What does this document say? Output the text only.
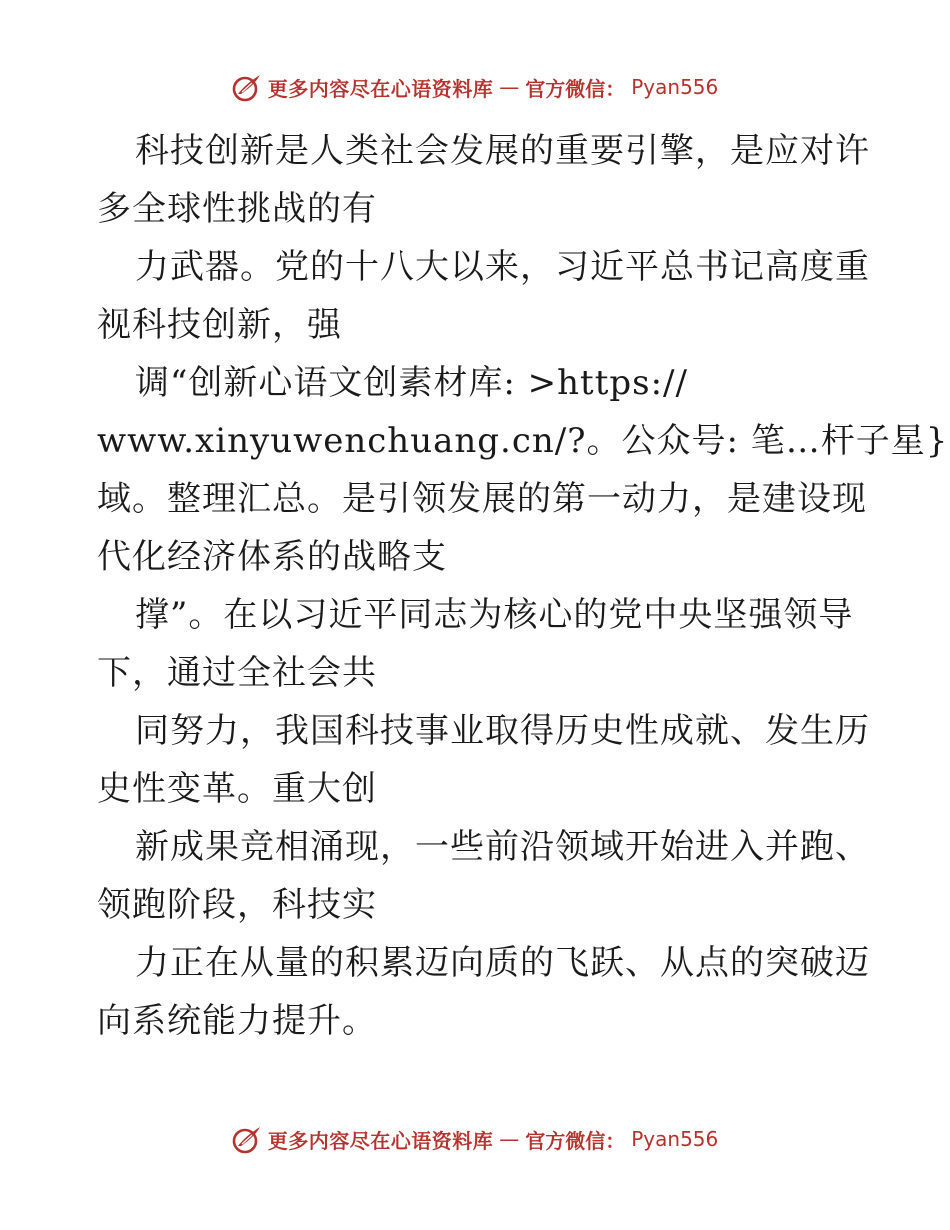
更多内容尽在心语资料库 — 官方微信： Pyan556
科技创新是人类社会发展的重要引擎，是应对许
多全球性挑战的有
力武器。党的十八大以来，习近平总书记高度重
视科技创新，强
调“创新心语文创素材库: >https://
www.xinyuwenchuang.cn/?。公众号: 笔…杆子星}
域。整理汇总。是引领发展的第一动力，是建设现
代化经济体系的战略支
撑”。在以习近平同志为核心的党中央坚强领导
下，通过全社会共
同努力，我国科技事业取得历史性成就、发生历
史性变革。重大创
新成果竞相涌现，一些前沿领域开始进入并跑、
领跑阶段，科技实
力正在从量的积累迈向质的飞跃、从点的突破迈
向系统能力提升。
更多内容尽在心语资料库 — 官方微信： Pyan556
